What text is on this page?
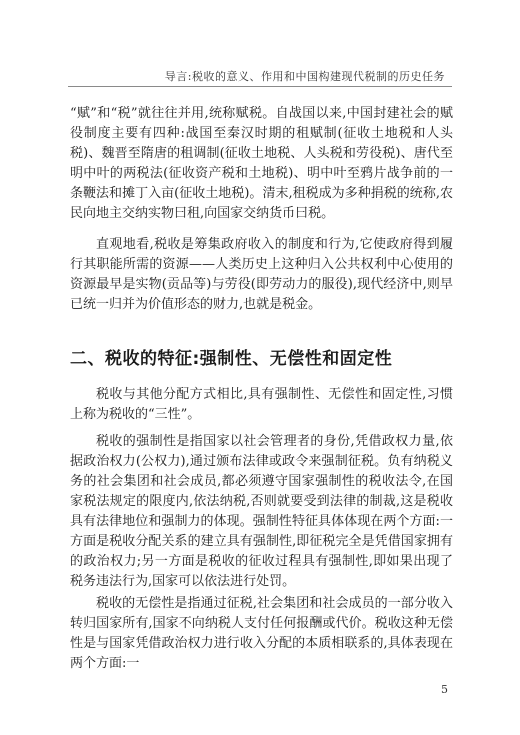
导言:税收的意义、作用和中国构建现代税制的历史任务

“赋”和“税”就往往并用,统称赋税。自战国以来,中国封建社会的赋役制度主要有四种:战国至秦汉时期的租赋制(征收土地税和人头税)、魏晋至隋唐的租调制(征收土地税、人头税和劳役税)、唐代至明中叶的两税法(征收资产税和土地税)、明中叶至鸦片战争前的一条鞭法和摊丁入亩(征收土地税)。清末,租税成为多种捐税的统称,农民向地主交纳实物曰租,向国家交纳货币曰税。

直观地看,税收是筹集政府收入的制度和行为,它使政府得到履行其职能所需的资源——人类历史上这种归入公共权利中心使用的资源最早是实物(贡品等)与劳役(即劳动力的服役),现代经济中,则早已统一归并为价值形态的财力,也就是税金。

二、税收的特征:强制性、无偿性和固定性

税收与其他分配方式相比,具有强制性、无偿性和固定性,习惯上称为税收的“三性”。

税收的强制性是指国家以社会管理者的身份,凭借政权力量,依据政治权力(公权力),通过颁布法律或政令来强制征税。负有纳税义务的社会集团和社会成员,都必须遵守国家强制性的税收法令,在国家税法规定的限度内,依法纳税,否则就要受到法律的制裁,这是税收具有法律地位和强制力的体现。强制性特征具体体现在两个方面:一方面是税收分配关系的建立具有强制性,即征税完全是凭借国家拥有的政治权力;另一方面是税收的征收过程具有强制性,即如果出现了税务违法行为,国家可以依法进行处罚。

税收的无偿性是指通过征税,社会集团和社会成员的一部分收入转归国家所有,国家不向纳税人支付任何报酬或代价。税收这种无偿性是与国家凭借政治权力进行收入分配的本质相联系的,具体表现在两个方面:一

5
